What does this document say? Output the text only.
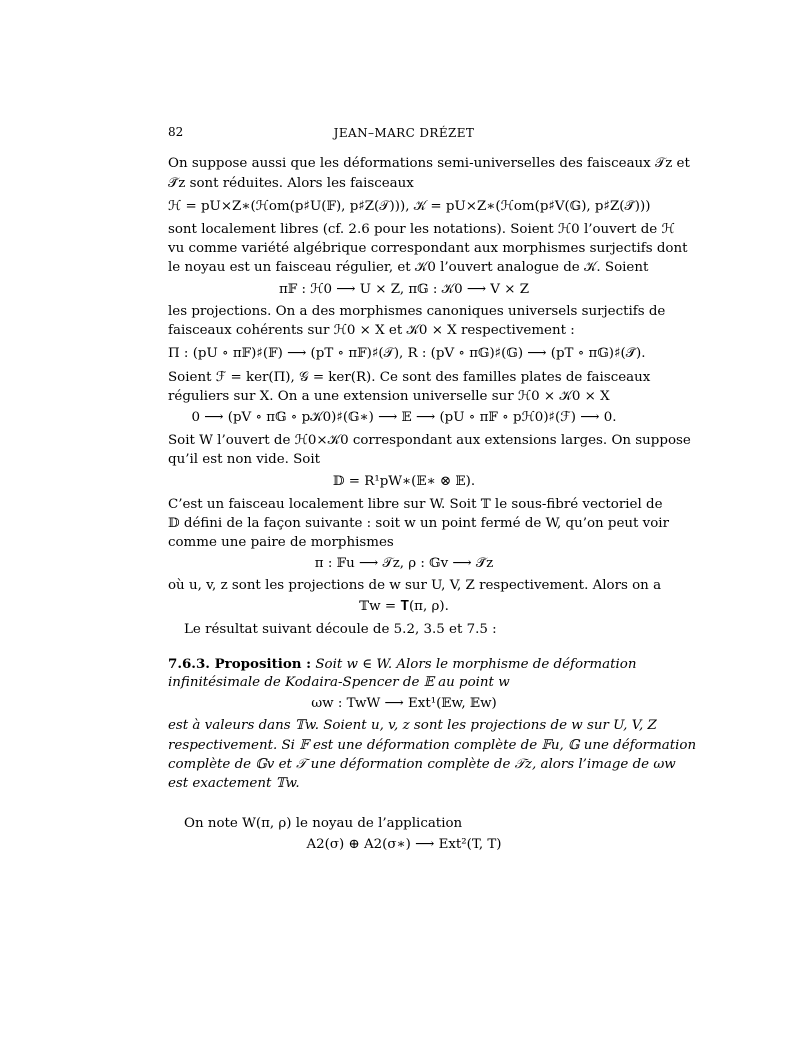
82	JEAN–MARC DRÉZET
On suppose aussi que les déformations semi-universelles des faisceaux 𝒯z et
𝒯̃z sont réduites. Alors les faisceaux
ℋ = pU×Z∗(ℋom(p♯U(𝔽), p♯Z(𝒯))), 𝒦 = pU×Z∗(ℋom(p♯V(𝔾), p♯Z(𝒯̃)))
sont localement libres (cf. 2.6 pour les notations). Soient ℋ0 l’ouvert de ℋ
vu comme variété algébrique correspondant aux morphismes surjectifs dont
le noyau est un faisceau régulier, et 𝒦0 l’ouvert analogue de 𝒦. Soient
π𝔽 : ℋ0 ⟶ U × Z, π𝔾 : 𝒦0 ⟶ V × Z
les projections. On a des morphismes canoniques universels surjectifs de
faisceaux cohérents sur ℋ0 × X et 𝒦0 × X respectivement :
Π : (pU ∘ π𝔽)♯(𝔽) ⟶ (pT ∘ π𝔽)♯(𝒯), R : (pV ∘ π𝔾)♯(𝔾) ⟶ (pT ∘ π𝔾)♯(𝒯̃).
Soient ℱ = ker(Π), 𝒢 = ker(R). Ce sont des familles plates de faisceaux
réguliers sur X. On a une extension universelle sur ℋ0 × 𝒦0 × X
0 ⟶ (pV ∘ π𝔾 ∘ p𝒦0)♯(𝔾∗) ⟶ 𝔼 ⟶ (pU ∘ π𝔽 ∘ pℋ0)♯(ℱ) ⟶ 0.
Soit W l’ouvert de ℋ0×𝒦0 correspondant aux extensions larges. On suppose
qu’il est non vide. Soit
𝔻 = R¹pW∗(𝔼∗ ⊗ 𝔼).
C’est un faisceau localement libre sur W. Soit 𝕋 le sous-fibré vectoriel de
𝔻 défini de la façon suivante : soit w un point fermé de W, qu’on peut voir
comme une paire de morphismes
π : 𝔽u ⟶ 𝒯z, ρ : 𝔾v ⟶ 𝒯̃z
où u, v, z sont les projections de w sur U, V, Z respectivement. Alors on a
𝕋w = 𝐓(π, ρ).
Le résultat suivant découle de 5.2, 3.5 et 7.5 :
7.6.3. Proposition : Soit w ∈ W. Alors le morphisme de déformation
infinitésimale de Kodaira-Spencer de 𝔼 au point w
ωw : TwW ⟶ Ext¹(𝔼w, 𝔼w)
est à valeurs dans 𝕋w. Soient u, v, z sont les projections de w sur U, V, Z
respectivement. Si 𝔽 est une déformation complète de 𝔽u, 𝔾 une déformation
complète de 𝔾v et 𝒯 une déformation complète de 𝒯z, alors l’image de ωw
est exactement 𝕋w.
On note W(π, ρ) le noyau de l’application
A2(σ) ⊕ A2(σ∗) ⟶ Ext²(T, T)
